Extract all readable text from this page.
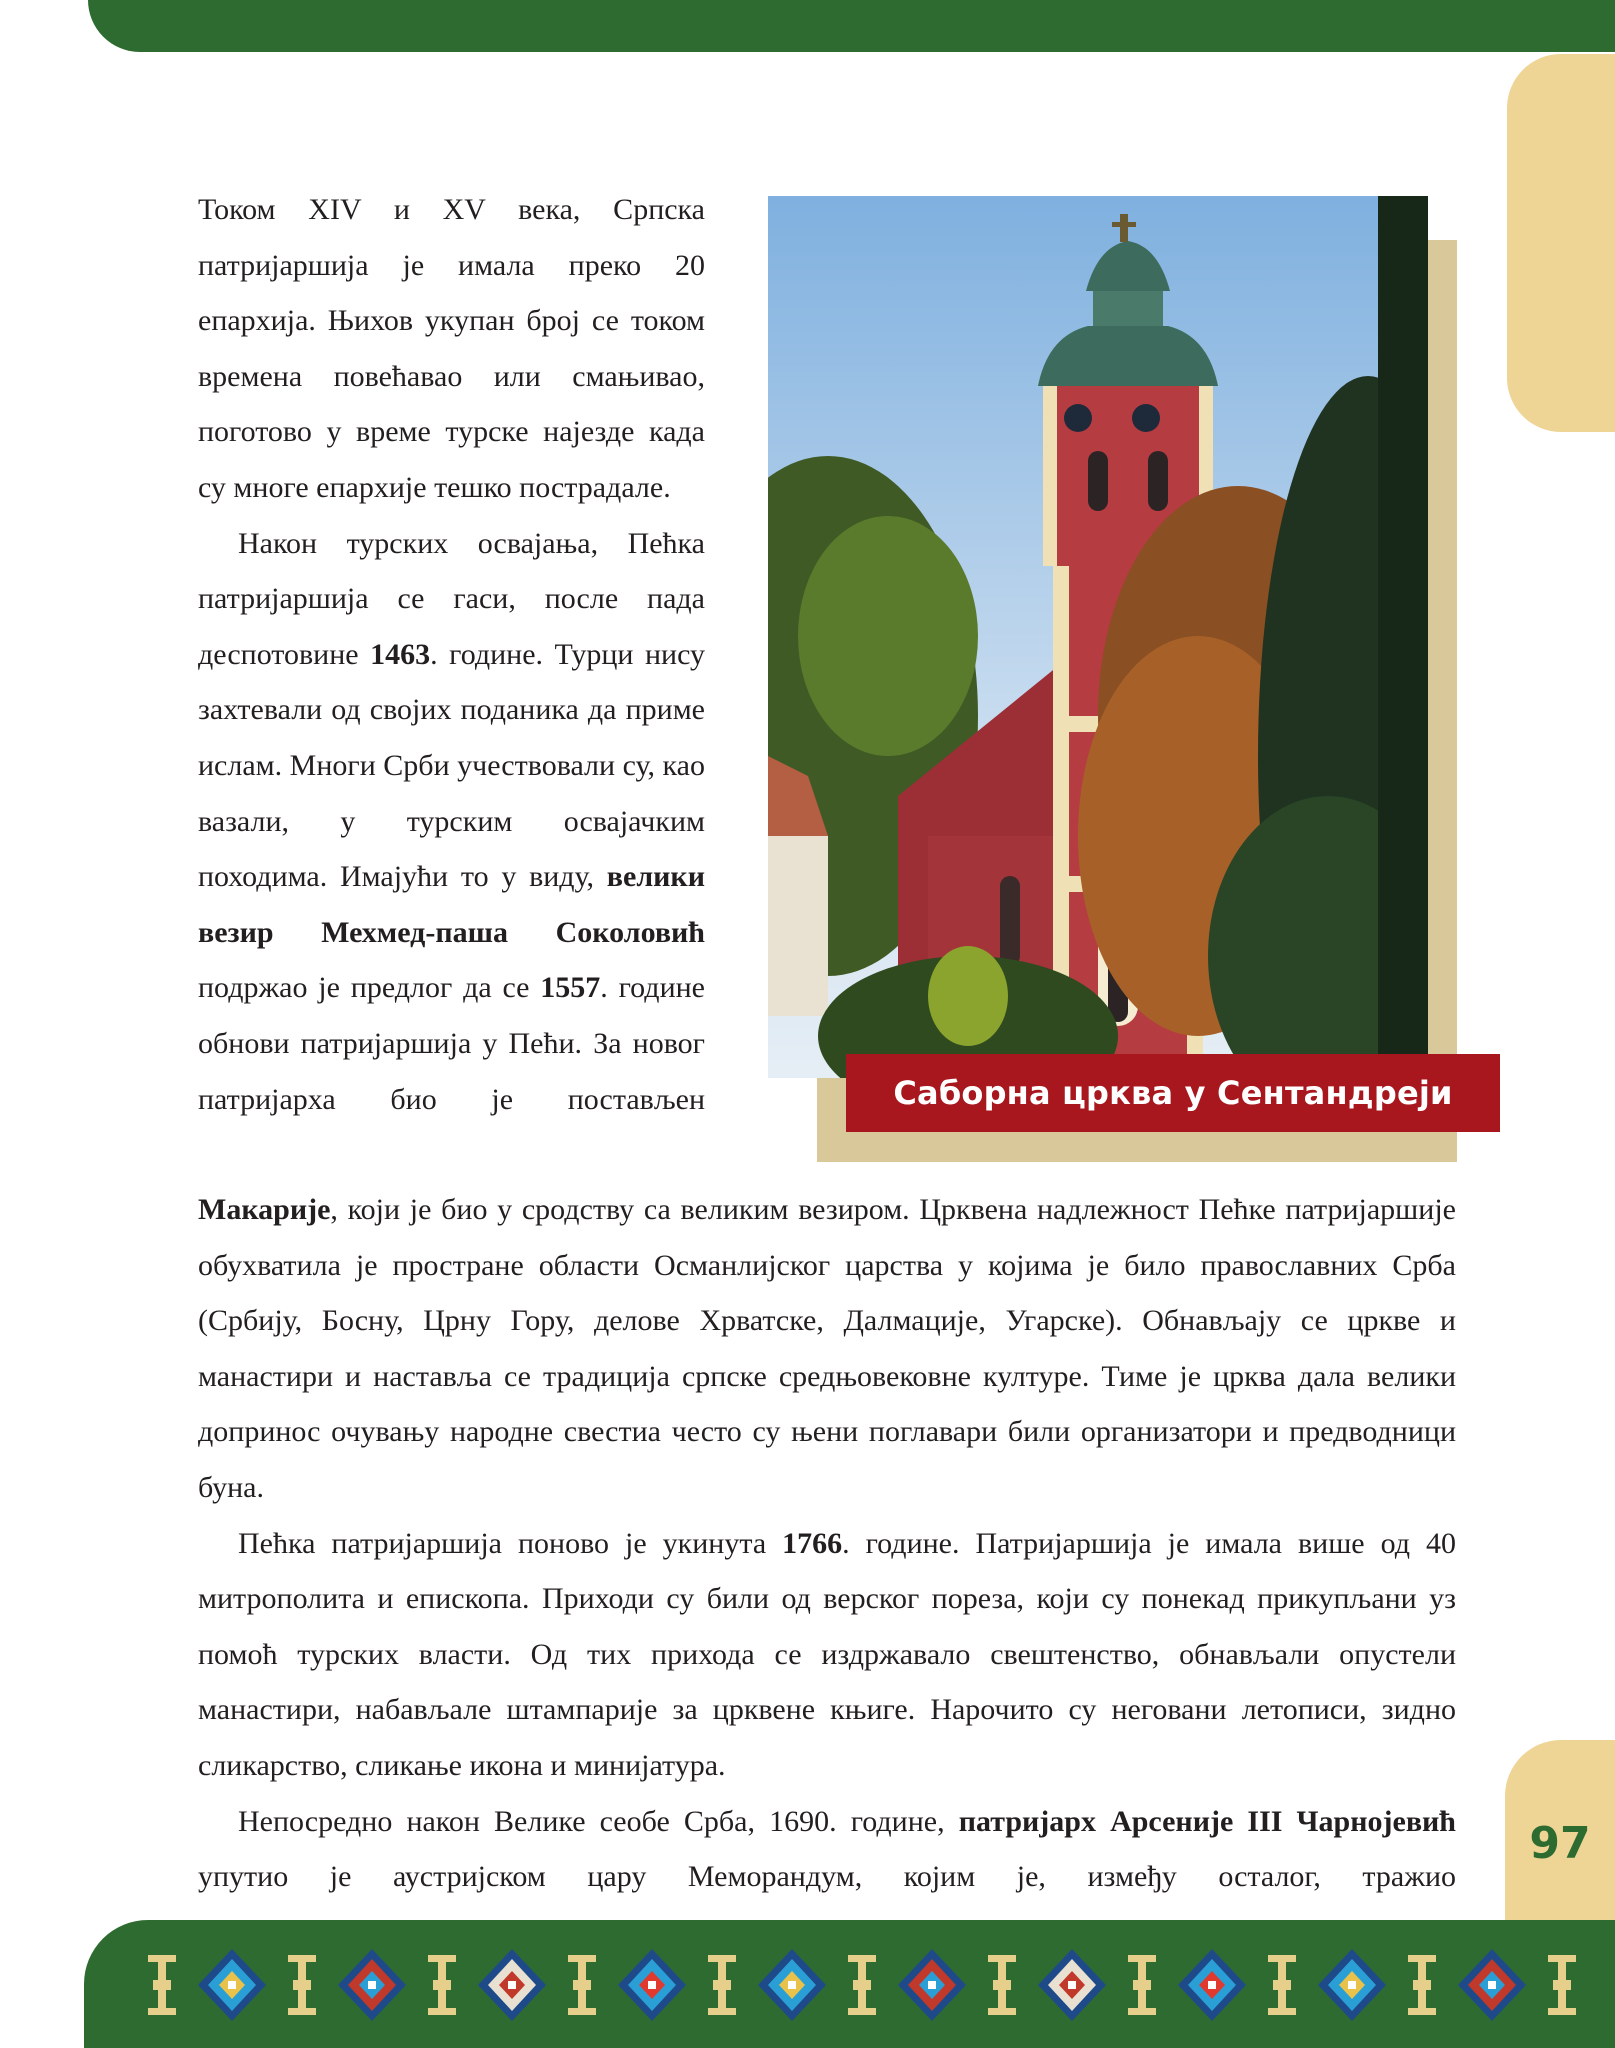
Током XIV и XV века, Српска патријаршија је имала преко 20 епархија. Њихов укупан број се током времена повећавао или смањивао, поготово у време турске најезде када су многе епархије тешко пострадале.

Након турских освајања, Пећка патријаршија се гаси, после пада деспотовине 1463. године. Турци нису захтевали од својих поданика да приме ислам. Многи Срби учествовали су, као вазали, у турским освајачким походима. Имајући то у виду, велики везир Мехмед-паша Соколовић подржао је предлог да се 1557. године обнови патријаршија у Пећи. За новог патријарха био је постављен	Саборна црква у Сентандреји

Макарије, који је био у сродству са великим везиром. Црквена надлежност Пећке патријаршије обухватила је простране области Османлијског царства у којима је било православних Срба (Србију, Босну, Црну Гору, делове Хрватске, Далмације, Угарске). Обнављају се цркве и манастири и настављa се традиција српске средњовековне културе. Тиме је црква дала велики допринос очувању народне свестиа често су њени поглавари били организатори и предводници буна.

Пећка патријаршија поново је укинута 1766. године. Патријаршија је имала више од 40 митрополита и епископа. Приходи су били од верског пореза, који су понекад прикупљани уз помоћ турских власти. Од тих прихода се издржавало свештенство, обнављали опустели манастири, набављале штампарије за црквене књиге. Нарочито су неговани летописи, зидно сликарство, сликање икона и минијатура.

Непосредно након Велике сеобе Срба, 1690. године, патријарх Арсеније III Чарнојевић упутио је аустријском цару Меморандум, којим је, између осталог, тражио

97
